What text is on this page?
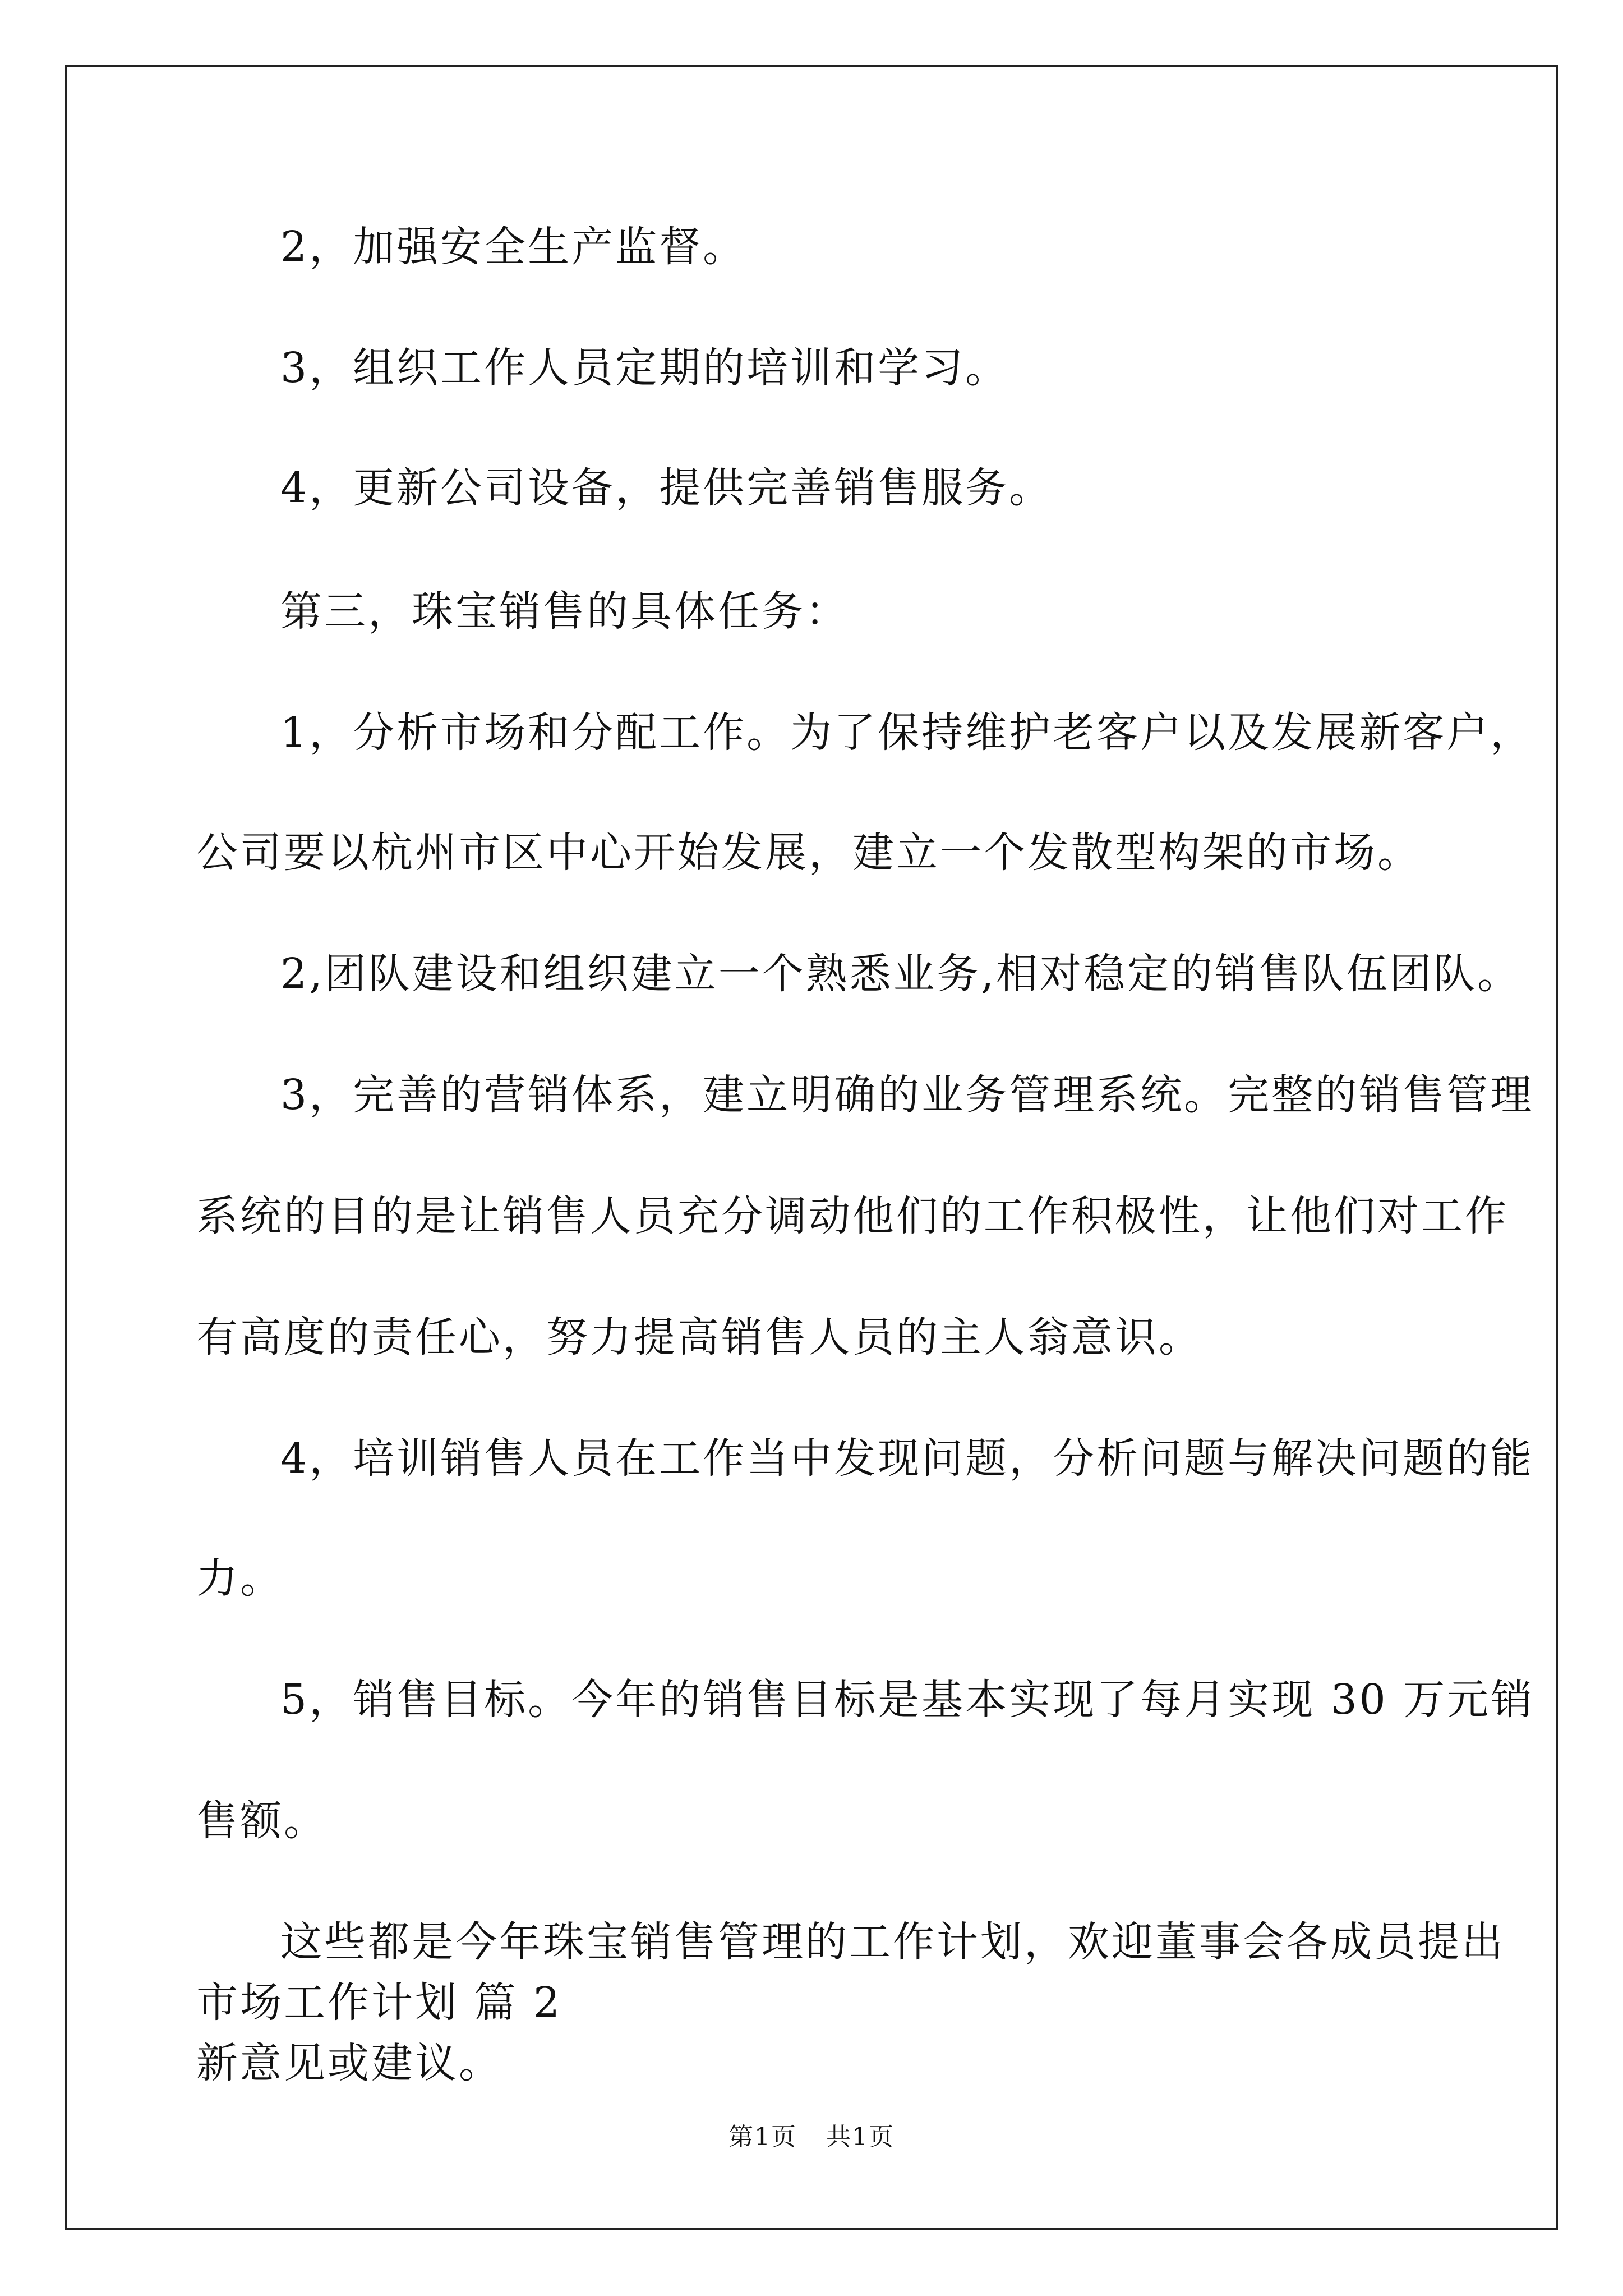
2，加强安全生产监督。
3，组织工作人员定期的培训和学习。
4，更新公司设备，提供完善销售服务。
第三，珠宝销售的具体任务：
1，分析市场和分配工作。为了保持维护老客户以及发展新客户，
公司要以杭州市区中心开始发展，建立一个发散型构架的市场。
2,团队建设和组织建立一个熟悉业务,相对稳定的销售队伍团队。
3，完善的营销体系，建立明确的业务管理系统。完整的销售管理
系统的目的是让销售人员充分调动他们的工作积极性，让他们对工作
有高度的责任心，努力提高销售人员的主人翁意识。
4，培训销售人员在工作当中发现问题，分析问题与解决问题的能
力。
5，销售目标。今年的销售目标是基本实现了每月实现 30 万元销
售额。
这些都是今年珠宝销售管理的工作计划，欢迎董事会各成员提出
新意见或建议。
市场工作计划 篇 2
第1页 共1页
